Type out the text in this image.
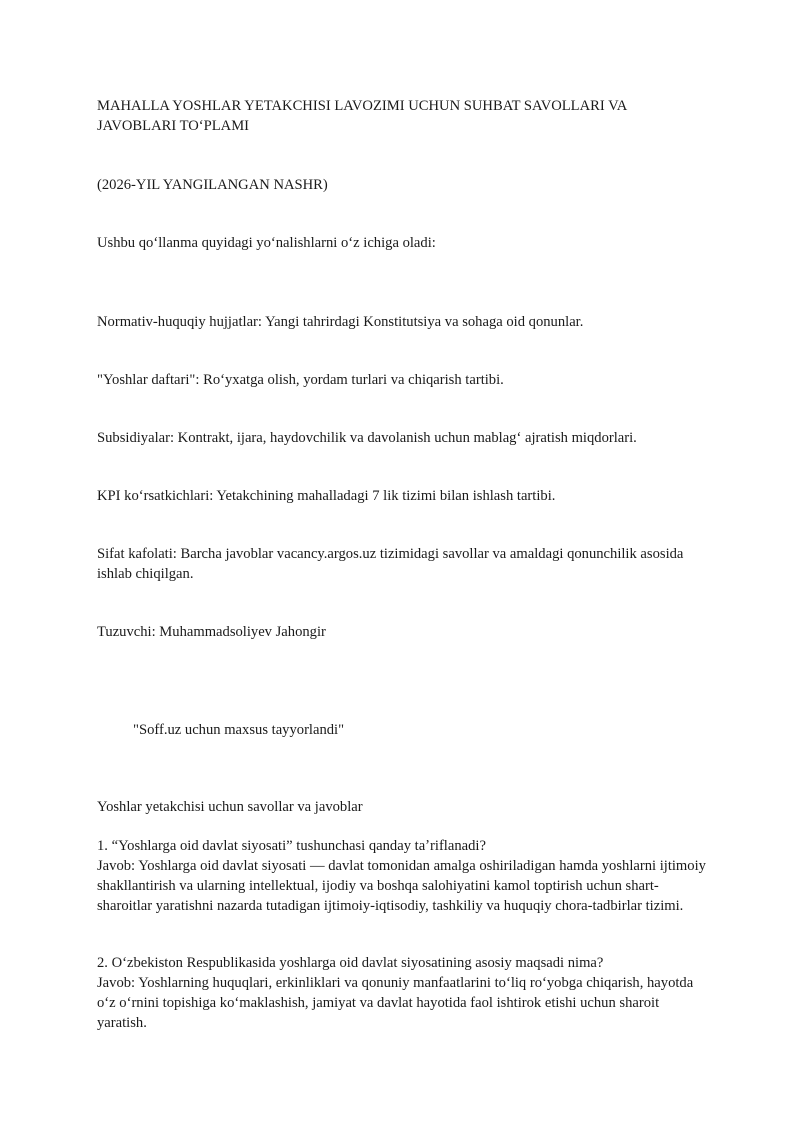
MAHALLA YOSHLAR YETAKCHISI LAVOZIMI UCHUN SUHBAT SAVOLLARI VA
JAVOBLARI TOʻPLAMI

(2026-YIL YANGILANGAN NASHR)

Ushbu qoʻllanma quyidagi yoʻnalishlarni oʻz ichiga oladi:

Normativ-huquqiy hujjatlar: Yangi tahrirdagi Konstitutsiya va sohaga oid qonunlar.

"Yoshlar daftari": Roʻyxatga olish, yordam turlari va chiqarish tartibi.

Subsidiyalar: Kontrakt, ijara, haydovchilik va davolanish uchun mablagʻ ajratish miqdorlari.

KPI koʻrsatkichlari: Yetakchining mahalladagi 7 lik tizimi bilan ishlash tartibi.

Sifat kafolati: Barcha javoblar vacancy.argos.uz tizimidagi savollar va amaldagi qonunchilik asosida ishlab chiqilgan.

Tuzuvchi: Muhammadsoliyev Jahongir

"Soff.uz uchun maxsus tayyorlandi"

Yoshlar yetakchisi uchun savollar va javoblar

1. “Yoshlarga oid davlat siyosati” tushunchasi qanday taʼriflanadi?
Javob: Yoshlarga oid davlat siyosati — davlat tomonidan amalga oshiriladigan hamda yoshlarni ijtimoiy shakllantirish va ularning intellektual, ijodiy va boshqa salohiyatini kamol toptirish uchun shart-sharoitlar yaratishni nazarda tutadigan ijtimoiy-iqtisodiy, tashkiliy va huquqiy chora-tadbirlar tizimi.
2. Oʻzbekiston Respublikasida yoshlarga oid davlat siyosatining asosiy maqsadi nima?
Javob: Yoshlarning huquqlari, erkinliklari va qonuniy manfaatlarini toʻliq roʻyobga chiqarish, hayotda oʻz oʻrnini topishiga koʻmaklashish, jamiyat va davlat hayotida faol ishtirok etishi uchun sharoit yaratish.
